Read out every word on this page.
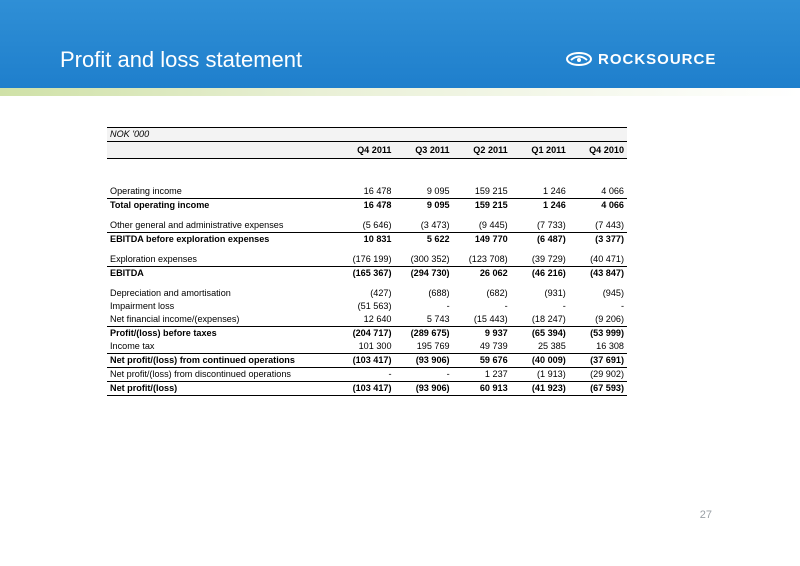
Profit and loss statement	ROCKSOURCE
NOK '000					
	Q4 2011	Q3 2011	Q2 2011	Q1 2011	Q4 2010

Operating income	16 478	9 095	159 215	1 246	4 066
Total operating income	16 478	9 095	159 215	1 246	4 066

Other general and administrative expenses	(5 646)	(3 473)	(9 445)	(7 733)	(7 443)
EBITDA before exploration expenses	10 831	5 622	149 770	(6 487)	(3 377)

Exploration expenses	(176 199)	(300 352)	(123 708)	(39 729)	(40 471)
EBITDA	(165 367)	(294 730)	26 062	(46 216)	(43 847)

Depreciation and amortisation	(427)	(688)	(682)	(931)	(945)
Impairment loss	(51 563)	-	-	-	-
Net financial income/(expenses)	12 640	5 743	(15 443)	(18 247)	(9 206)
Profit/(loss) before taxes	(204 717)	(289 675)	9 937	(65 394)	(53 999)
Income tax	101 300	195 769	49 739	25 385	16 308
Net profit/(loss) from continued operations	(103 417)	(93 906)	59 676	(40 009)	(37 691)
Net profit/(loss) from discontinued operations	-	-	1 237	(1 913)	(29 902)
Net profit/(loss)	(103 417)	(93 906)	60 913	(41 923)	(67 593)
27
